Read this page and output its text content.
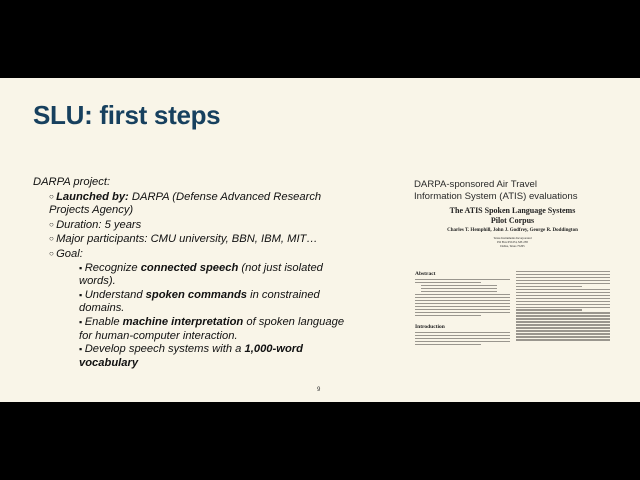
SLU: first steps
DARPA project:
○ Launched by: DARPA (Defense Advanced Research Projects Agency)
○ Duration: 5 years
○ Major participants: CMU university, BBN, IBM, MIT…
○ Goal:
▪ Recognize connected speech (not just isolated words).
▪ Understand spoken commands in constrained domains.
▪ Enable machine interpretation of spoken language for human-computer interaction.
▪ Develop speech systems with a 1,000-word vocabulary
9
DARPA-sponsored Air Travel
Information System (ATIS) evaluations
The ATIS Spoken Language Systems
Pilot Corpus
Charles T. Hemphill, John J. Godfrey, George R. Doddington
Texas Instruments Incorporated
PO Box 655474, MS 238
Dallas, Texas 75265
Abstract
Introduction
